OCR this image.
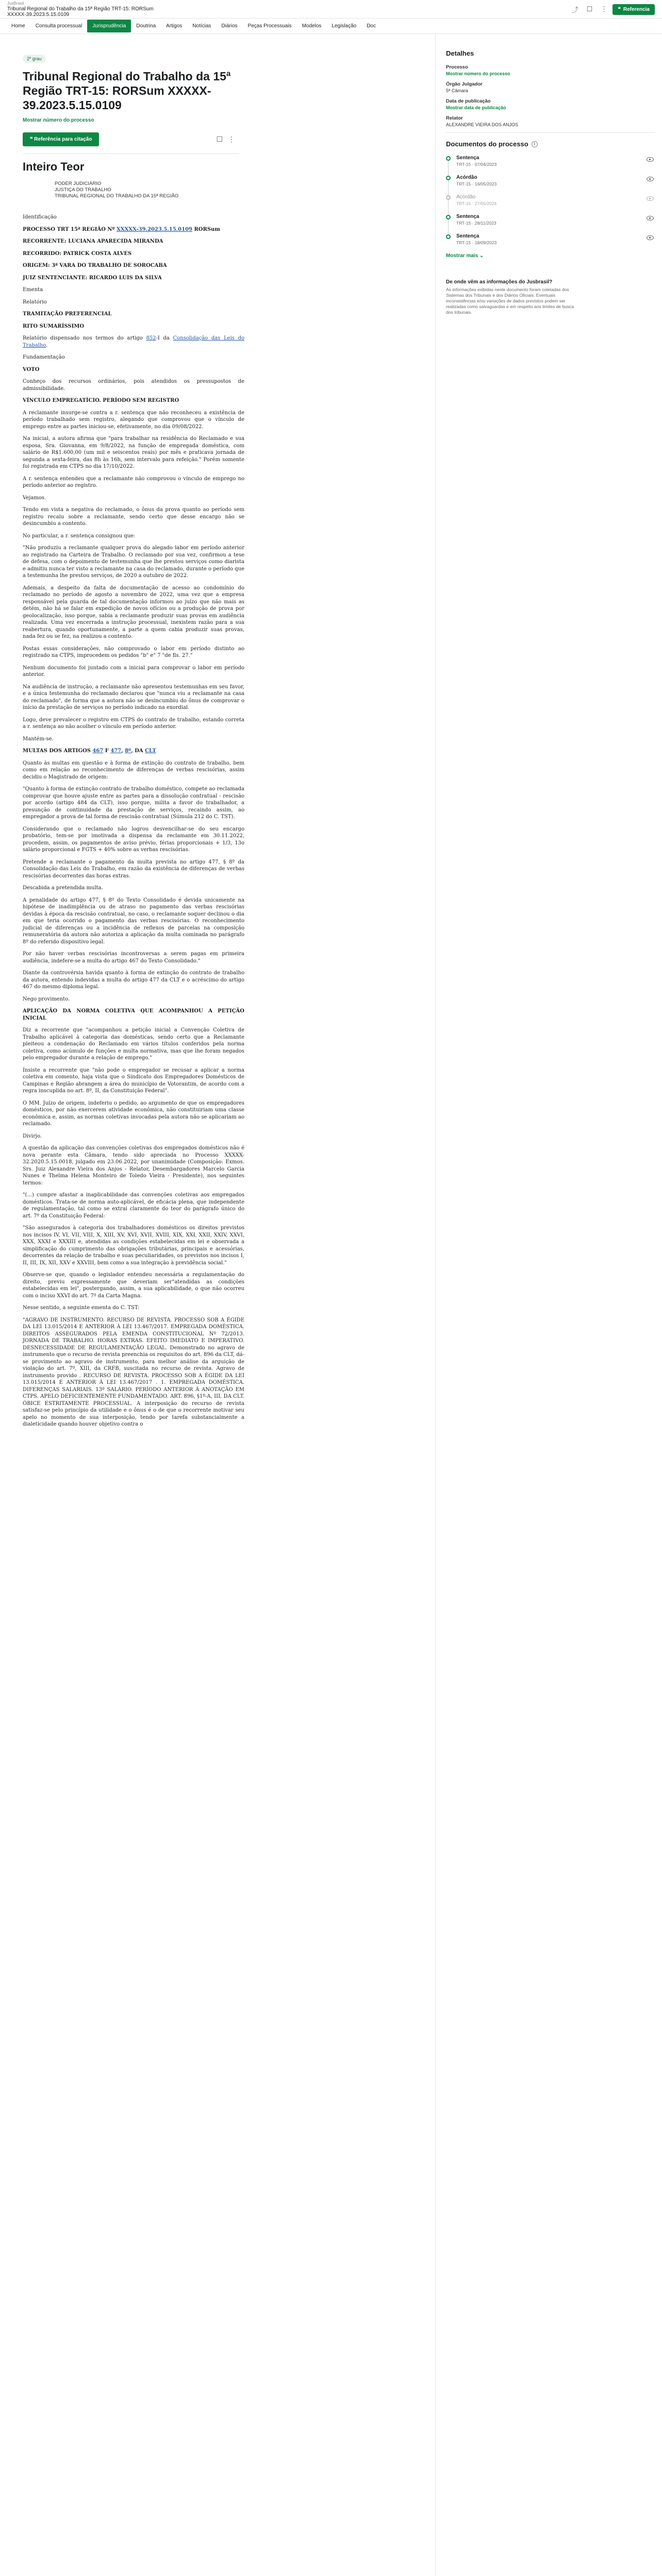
JusBrasil
Tribunal Regional do Trabalho da 15ª Região TRT-15: RORSum XXXXX-39.2023.5.15.0109
⤴	☐	⋮	❝ Referencia
Home	Consulta processual	Jurisprudência	Doutrina	Artigos	Notícias	Diários	Peças Processuais	Modelos	Legislação	Doc
2º grau
Tribunal Regional do Trabalho da 15ª Região TRT-15: RORSum XXXXX-39.2023.5.15.0109
Mostrar número do processo
❝ Referência para citação	☐ ⋮
Inteiro Teor
PODER JUDICIÁRIO
JUSTIÇA DO TRABALHO
TRIBUNAL REGIONAL DO TRABALHO DA 15ª REGIÃO

Identificação

PROCESSO TRT 15ª REGIÃO Nº XXXXX-39.2023.5.15.0109 RORSum

RECORRENTE: LUCIANA APARECIDA MIRANDA

RECORRIDO: PATRICK COSTA ALVES

ORIGEM: 3ª VARA DO TRABALHO DE SOROCABA

JUIZ SENTENCIANTE: RICARDO LUIS DA SILVA

Ementa

Relatório

TRAMITAÇÃO PREFERENCIAL

RITO SUMARÍSSIMO

Relatório dispensado nos termos do artigo 852-I da Consolidação das Leis do Trabalho.

Fundamentação

VOTO

Conheço dos recursos ordinários, pois atendidos os pressupostos de admissibilidade.

VÍNCULO EMPREGATÍCIO. PERÍODO SEM REGISTRO

A reclamante insurge-se contra a r. sentença que não reconheceu a existência de período trabalhado sem registro, alegando que comprovou que o vínculo de emprego entre as partes iniciou-se, efetivamente, no dia 09/08/2022.

Na inicial, a autora afirma que "para trabalhar na residência do Reclamado e sua esposa, Sra. Giovanna, em 9/8/2022, na função de empregada doméstica, com salário de R$1.600,00 (um mil e seiscentos reais) por mês e praticava jornada de segunda a sexta-feira, das 8h às 16h, sem intervalo para refeição." Porém somente foi registrada em CTPS no dia 17/10/2022.

A r. sentença entendeu que a reclamante não comprovou o vínculo de emprego no período anterior ao registro.

Vejamos.

Tendo em vista a negativa do reclamado, o ônus da prova quanto ao período sem registro recaiu sobre a reclamante, sendo certo que desse encargo não se desincumbiu a contento.

No particular, a r. sentença consignou que:

"Não produziu a reclamante qualquer prova do alegado labor em período anterior ao registrado na Carteira de Trabalho. O reclamado por sua vez, confirmou a tese de defesa, com o depoimento de testemunha que lhe prestou serviços como diarista e admitiu nunca ter visto a reclamante na casa do reclamado, durante o período que a testemunha lhe prestou serviços, de 2020 a outubro de 2022.

Ademais, a despeito da falta de documentação de acesso ao condomínio do reclamado no período de agosto a novembro de 2022, uma vez que a empresa responsável pela guarda de tal documentação informou ao juízo que não mais as detém, não há se falar em expedição de novos ofícios ou a produção de prova por geolocalização, isso porque, sabia a reclamante produzir suas provas em audiência realizada. Uma vez encerrada a instrução processual, inexistem razão para a sua reabertura, quando oportunamente, a parte a quem cabia produzir suas provas, nada fez ou se fez, na realizou a contento.

Postas essas considerações, não comprovado o labor em período distinto ao registrado na CTPS, improcedem os pedidos "b" e" 7 "de fls. 27."

Nenhum documento foi juntado com a inicial para comprovar o labor em período anterior.

Na audiência de instrução, a reclamante não apresentou testemunhas em seu favor, e a única testemunha do reclamado declarou que "nunca viu a reclamante na casa do reclamado", de forma que a autora não se desincumbiu do ônus de comprovar o início da prestação de serviços no período indicado na exordial.

Logo, deve prevalecer o registro em CTPS do contrato de trabalho, estando correta a r. sentença ao não acolher o vínculo em período anterior.

Mantém-se.

MULTAS DOS ARTIGOS 467 F 477, 8º, DA CLT

Quanto às multas em questão e à forma de extinção do contrato de trabalho, bem como em relação ao reconhecimento de diferenças de verbas rescisórias, assim decidiu o Magistrado de origem:

"Quanto à forma de extinção contrato de trabalho doméstico, compete ao reclamada comprovar que houve ajuste entre as partes para a dissolução contratual - rescisão por acordo (artigo 484 da CLT), isso porque, milita a favor do trabalhador, a presunção de continuidade da prestação de serviços, recaindo assim, ao empregador a prova de tal forma de rescisão contratual (Súmula 212 do C. TST).

Considerando que o reclamado não logrou desvencilhar-se do seu encargo probatório, tem-se por imotivada a dispensa da reclamante em 30.11.2022, procedem, assim, os pagamentos de aviso prévio, férias proporcionais + 1/3, 13o salário proporcional e FGTS + 40% sobre as verbas rescisórias.

Pretende a reclamante o pagamento da multa prevista no artigo 477, § 8º da Consolidação das Leis do Trabalho, em razão da existência de diferenças de verbas rescisórias decorrentes das horas extras.

Descabida a pretendida multa.

A penalidade do artigo 477, § 8º do Texto Consolidado é devida unicamente na hipótese de inadimplência ou de atraso no pagamento das verbas rescisórias devidas à época da rescisão contratual, no caso, o reclamante soquer declinou o dia em que teria ocorrido o pagamento das verbas rescisórias. O reconhecimento judicial de diferenças ou a incidência de reflexos de parcelas na composição remuneratória da autora não autoriza a aplicação da multa cominada no parágrafo 8º do referido dispositivo legal.

Por não haver verbas rescisórias incontroversas a serem pagas em primeira audiência, indefere-se a multa do artigo 467 do Texto Consolidado."

Diante da controvérsia havida quanto à forma de extinção do contrato de trabalho da autora, entendo indevidas a multa do artigo 477 da CLT e o acréscimo do artigo 467 do mesmo diploma legal.

Nego provimento.

APLICAÇÃO DA NORMA COLETIVA QUE ACOMPANHOU A PETIÇÃO INICIAL

Diz a recorrente que "acompanhou a petição inicial a Convenção Coletiva de Trabalho aplicável à categoria das domésticas, sendo certo que a Reclamante pleiteou a condenação do Reclamado em vários títulos conferidos pela norma coletiva, como acúmulo de funções e multa normativa, mas que lhe foram negados pelo empregador durante a relação de emprego."

Insiste a recorrente que "não pode o empregador se recusar a aplicar a norma coletiva em comento, haja vista que o Sindicato dos Empregadores Domésticos de Campinas e Região abrangem a área do município de Votorantim, de acordo com a regra inscuplida no art. 8º, II, da Constituição Federal".

O MM. Juízo de origem, indeferiu o pedido, ao argumento de que os empregadores domésticos, por não exercerem atividade econômica, não constituiriam uma classe econômica e, assim, as normas coletivas invocadas pela autora não se aplicariam ao reclamado.

Divirjo.

A questão da aplicação das convenções coletivas dos empregados domésticos não é nova perante esta Câmara, tendo sido apreciada no Processo XXXXX-32.2020.5.15.0018, julgado em 23.06.2022, por unanimidade (Composição: Exmos. Srs. Juiz Alexandre Vieira dos Anjos - Relator, Desembargadores Marcelo Garcia Nunes e Thelma Helena Monteiro de Toledo Vieira - Presidente), nos seguintes termos:

"(...) cumpre afastar a inaplicabilidade das convenções coletivas aos empregados domésticos. Trata-se de norma auto-aplicável, de eficácia plena, que independente de regulamentação, tal como se extrai claramente do teor do parágrafo único do art. 7º da Constituição Federal:

"São assegurados à categoria dos trabalhadores domésticos os direitos previstos nos incisos IV, VI, VII, VIII, X, XIII, XV, XVI, XVII, XVIII, XIX, XXI, XXII, XXIV, XXVI, XXX, XXXI e XXXIII e, atendidas as condições estabelecidas em lei e observada a simplificação do cumprimento das obrigações tributárias, principais e acessórias, decorrentes da relação de trabalho e suas peculiaridades, os previstos nos incisos I, II, III, IX, XII, XXV e XXVIII, bem como a sua integração à previdência social."

Observe-se que, quando o legislador entendeu necessária a regulamentação do direito, previu expressamente que deveriam ser"atendidas as condições estabelecidas em lei", postergando, assim, a sua aplicabilidade, o que não ocorreu com o inciso XXVI do art. 7º da Carta Magna.

Nesse sentido, a seguinte ementa do C. TST:

"AGRAVO DE INSTRUMENTO. RECURSO DE REVISTA. PROCESSO SOB A ÉGIDE DA LEI 13.015/2014 E ANTERIOR À LEI 13.467/2017. EMPREGADA DOMÉSTICA. DIREITOS ASSEGURADOS PELA EMENDA CONSTITUCIONAL Nº 72/2013. JORNADA DE TRABALHO. HORAS EXTRAS. EFEITO IMEDIATO E IMPERATIVO. DESNECESSIDADE DE REGULAMENTAÇÃO LEGAL. Demonstrado no agravo de instrumento que o recurso de revista preenchia os requisitos do art. 896 da CLT, dá-se provimento ao agravo de instrumento, para melhor análise da arguição de violação do art. 7º, XIII, da CRFB, suscitada no recurso de revista. Agravo de instrumento provido . RECURSO DE REVISTA. PROCESSO SOB A ÉGIDE DA LEI 13.015/2014 E ANTERIOR À LEI 13.467/2017 . 1. EMPREGADA DOMÉSTICA. DIFERENÇAS SALARIAIS. 13º SALÁRIO. PERÍODO ANTERIOR À ANOTAÇÃO EM CTPS. APELO DEFICIENTEMENTE FUNDAMENTADO. ART. 896, §1º-A, III, DA CLT. ÓBICE ESTRITAMENTE PROCESSUAL. A interposição do recurso de revista satisfaz-se pelo princípio da utilidade e o ônus é o de que o recorrente motivar seu apelo no momento de sua interposição, tendo por tarefa substancialmente a dialeticidade quando houver objetivo contra o

Detalhes
Processo
Mostrar número do processo
Órgão Julgador
5ª Câmara
Data de publicação
Mostrar data de publicação
Relator
ALEXANDRE VIEIRA DOS ANJOS
Documentos do processo	i
Sentença
TRT-15 · 07/04/2023
Acórdão
TRT-15 · 16/05/2023
Acórdão
TRT-15 · 27/05/2024
Sentença
TRT-15 · 28/11/2023
Sentença
TRT-15 · 18/09/2023
Mostrar mais ⌄
De onde vêm as informações do Jusbrasil?
As informações exibidas neste documento foram coletadas dos Sistemas dos Tribunais e dos Diários Oficiais. Eventuais inconsistências e/ou variações de dados previstos podem ser realizadas como salvaguardas e em respeito aos limites de busca dos tribunais.
